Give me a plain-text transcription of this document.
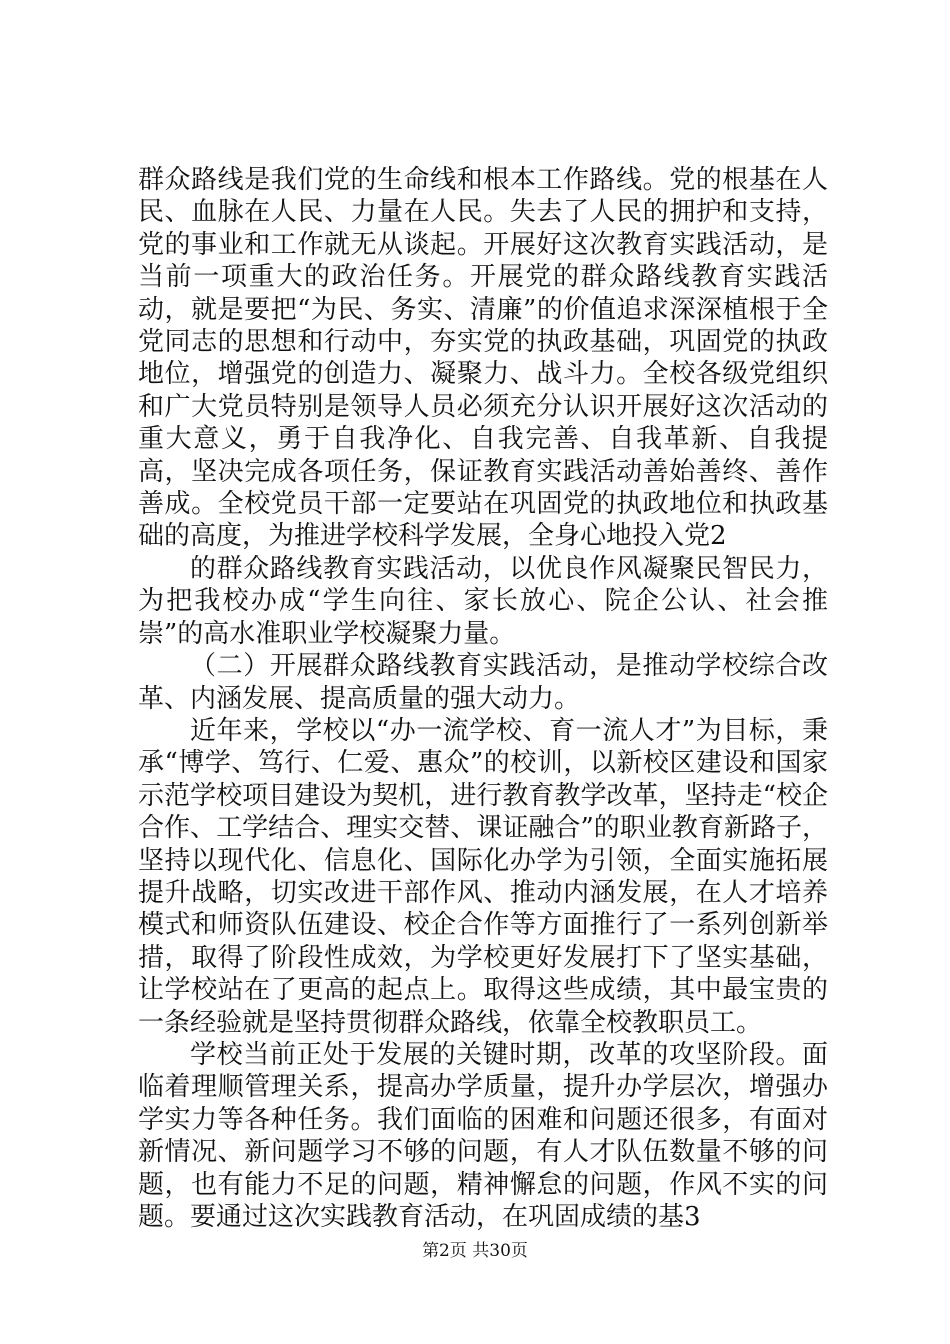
群众路线是我们党的生命线和根本工作路线。党的根基在人民、血脉在人民、力量在人民。失去了人民的拥护和支持，党的事业和工作就无从谈起。开展好这次教育实践活动，是当前一项重大的政治任务。开展党的群众路线教育实践活动，就是要把“为民、务实、清廉”的价值追求深深植根于全党同志的思想和行动中，夯实党的执政基础，巩固党的执政地位，增强党的创造力、凝聚力、战斗力。全校各级党组织和广大党员特别是领导人员必须充分认识开展好这次活动的重大意义，勇于自我净化、自我完善、自我革新、自我提高，坚决完成各项任务，保证教育实践活动善始善终、善作善成。全校党员干部一定要站在巩固党的执政地位和执政基础的高度，为推进学校科学发展，全身心地投入党2

的群众路线教育实践活动，以优良作风凝聚民智民力，为把我校办成“学生向往、家长放心、院企公认、社会推崇”的高水准职业学校凝聚力量。

（二）开展群众路线教育实践活动，是推动学校综合改革、内涵发展、提高质量的强大动力。

近年来，学校以“办一流学校、育一流人才”为目标，秉承“博学、笃行、仁爱、惠众”的校训，以新校区建设和国家示范学校项目建设为契机，进行教育教学改革，坚持走“校企合作、工学结合、理实交替、课证融合”的职业教育新路子，坚持以现代化、信息化、国际化办学为引领，全面实施拓展提升战略，切实改进干部作风、推动内涵发展，在人才培养模式和师资队伍建设、校企合作等方面推行了一系列创新举措，取得了阶段性成效，为学校更好发展打下了坚实基础，让学校站在了更高的起点上。取得这些成绩，其中最宝贵的一条经验就是坚持贯彻群众路线，依靠全校教职员工。

学校当前正处于发展的关键时期，改革的攻坚阶段。面临着理顺管理关系，提高办学质量，提升办学层次，增强办学实力等各种任务。我们面临的困难和问题还很多，有面对新情况、新问题学习不够的问题，有人才队伍数量不够的问题，也有能力不足的问题，精神懈怠的问题，作风不实的问题。要通过这次实践教育活动，在巩固成绩的基3

第2页 共30页
